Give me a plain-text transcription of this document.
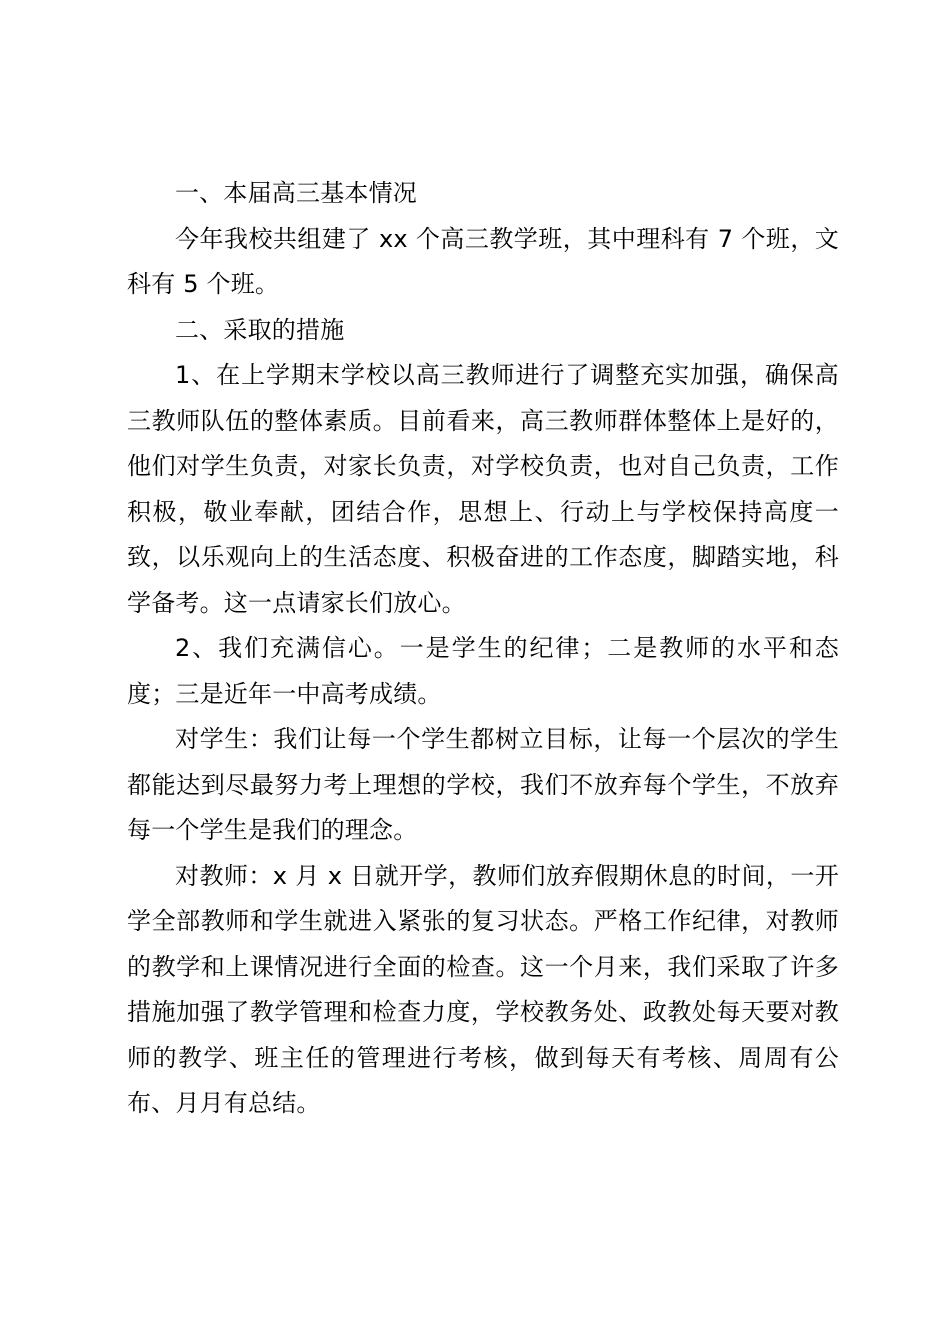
一、本届高三基本情况

今年我校共组建了 xx 个高三教学班，其中理科有 7 个班，文科有 5 个班。

二、采取的措施

1、在上学期末学校以高三教师进行了调整充实加强，确保高三教师队伍的整体素质。目前看来，高三教师群体整体上是好的，他们对学生负责，对家长负责，对学校负责，也对自己负责，工作积极，敬业奉献，团结合作，思想上、行动上与学校保持高度一致，以乐观向上的生活态度、积极奋进的工作态度，脚踏实地，科学备考。这一点请家长们放心。

2、我们充满信心。一是学生的纪律；二是教师的水平和态度；三是近年一中高考成绩。

对学生：我们让每一个学生都树立目标，让每一个层次的学生都能达到尽最努力考上理想的学校，我们不放弃每个学生，不放弃每一个学生是我们的理念。

对教师：x 月 x 日就开学，教师们放弃假期休息的时间，一开学全部教师和学生就进入紧张的复习状态。严格工作纪律，对教师的教学和上课情况进行全面的检查。这一个月来，我们采取了许多措施加强了教学管理和检查力度，学校教务处、政教处每天要对教师的教学、班主任的管理进行考核，做到每天有考核、周周有公布、月月有总结。
